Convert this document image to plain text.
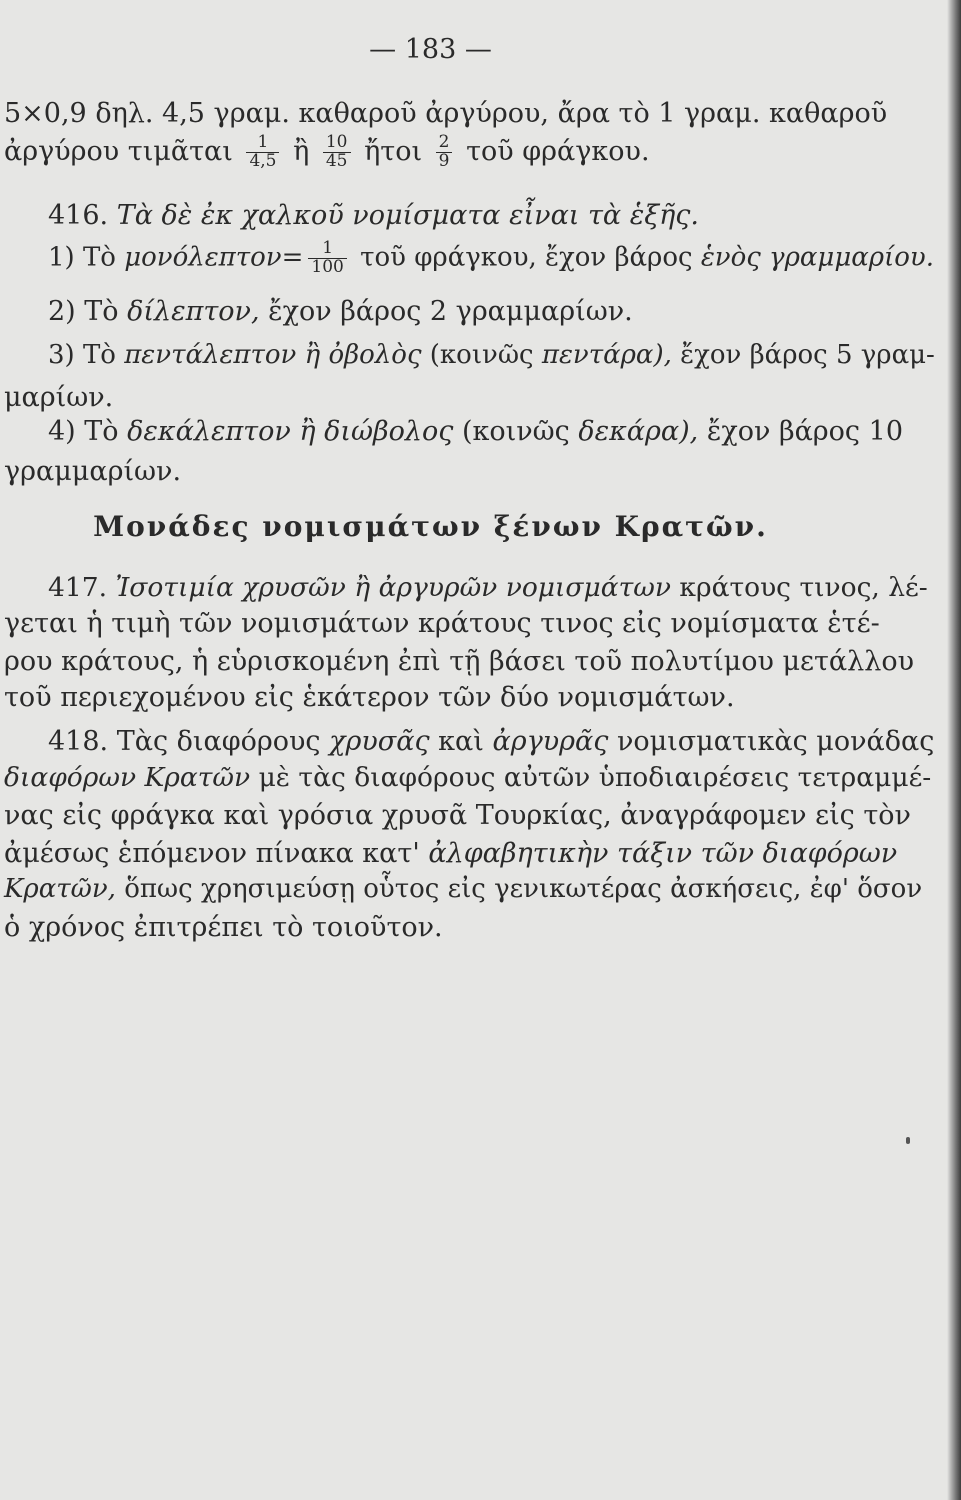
— 183 —
5×0,9 δηλ. 4,5 γραμ. καθαροῦ ἀργύρου, ἄρα τὸ 1 γραμ. καθαροῦ
ἀργύρου τιμᾶται $\frac{1}{4,5}$ ἢ $\frac{10}{45}$ ἤτοι $\frac{2}{9}$ τοῦ φράγκου.
416. Τὰ δὲ ἐκ χαλκοῦ νομίσματα εἶναι τὰ ἑξῆς.
1) Τὸ $\mu o\nu ό\lambda\varepsilon\pi\tau o\nu= \frac{1}{100}$ τοῦ φράγκου, ἔχον βάρος ἑνὸς γραμμαρίου.
2) Τὸ δίλεπτον, ἔχον βάρος 2 γραμμαρίων.
3) Τὸ πεντάλεπτον ἢ ὀβολὸς (κοινῶς πεντάρα), ἔχον βάρος 5 γραμ-
μαρίων.
4) Τὸ δεκάλεπτον ἢ διώβολος (κοινῶς δεκάρα), ἔχον βάρος 10
γραμμαρίων.
Μονάδες νομισμάτων ξένων Κρατῶν.
417. Ἰσοτιμία χρυσῶν ἢ ἀργυρῶν νομισμάτων κράτους τινος, λέ-
γεται ἡ τιμὴ τῶν νομισμάτων κράτους τινος εἰς νομίσματα ἑτέ-
ρου κράτους, ἡ εὑρισκομένη ἐπὶ τῇ βάσει τοῦ πολυτίμου μετάλλου
τοῦ περιεχομένου εἰς ἑκάτερον τῶν δύο νομισμάτων.
418. Τὰς διαφόρους χρυσᾶς καὶ ἀργυρᾶς νομισματικὰς μονάδας
διαφόρων Κρατῶν μὲ τὰς διαφόρους αὐτῶν ὑποδιαιρέσεις τετραμμέ-
νας εἰς φράγκα καὶ γρόσια χρυσᾶ Τουρκίας, ἀναγράφομεν εἰς τὸν
ἀμέσως ἑπόμενον πίνακα κατ' ἀλφαβητικὴν τάξιν τῶν διαφόρων
Κρατῶν, ὅπως χρησιμεύσῃ οὗτος εἰς γενικωτέρας ἀσκήσεις, ἐφ' ὅσον
ὁ χρόνος ἐπιτρέπει τὸ τοιοῦτον.
